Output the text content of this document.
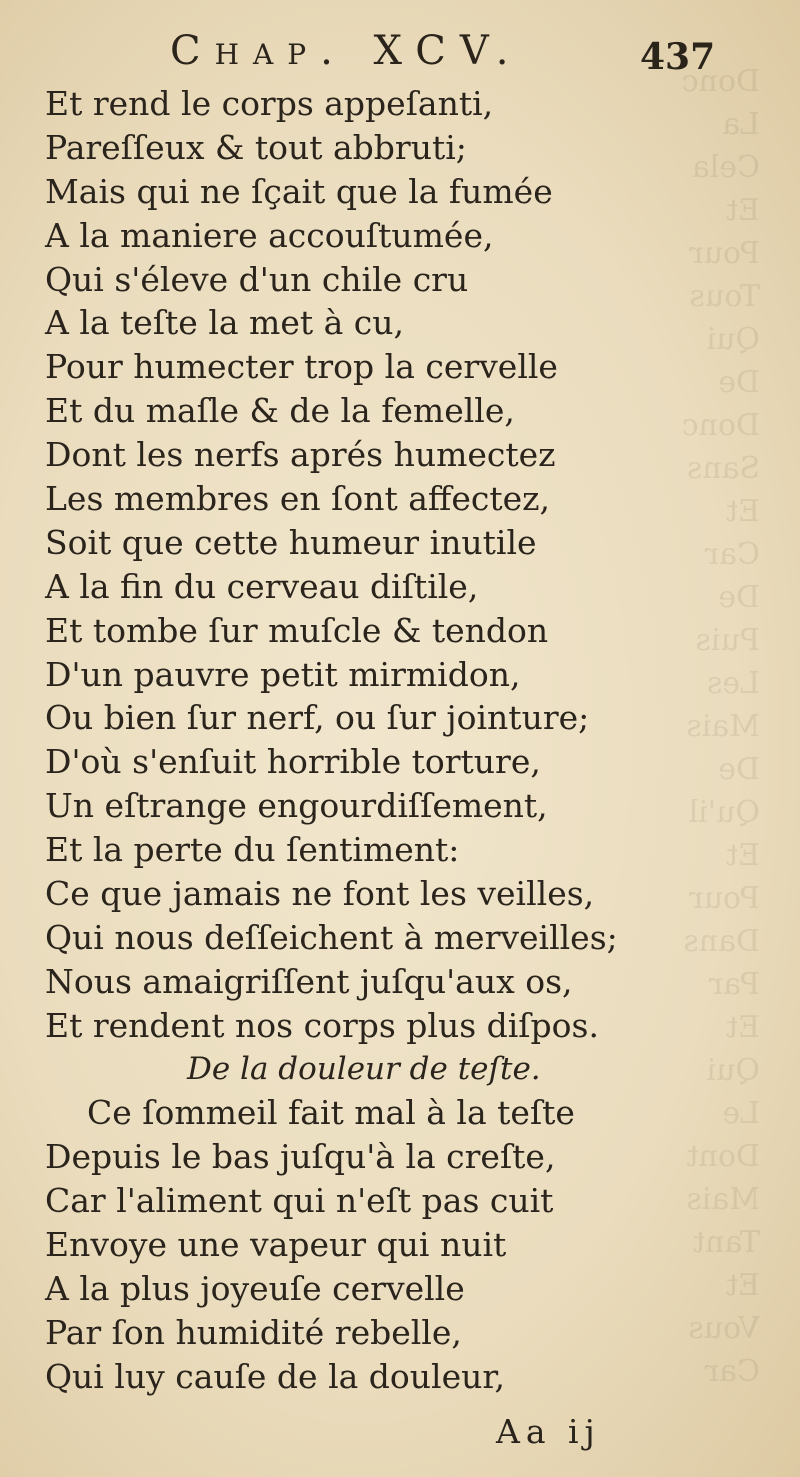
Donc
La
Cela
Et
Pour
Tous
Qui
De
Donc
Sans
Et
Car
De
Puis
Les
Mais
De
Qu'il
Et
Pour
Dans
Par
Et
Qui
Le
Dont
Mais
Tant
Et
Vous
Car
Chap. XCV.	437
Et rend le corps appeſanti,
Pareſſeux & tout abbruti;
Mais qui ne ſçait que la fumée
A la maniere accouſtumée,
Qui s'éleve d'un chile cru
A la teſte la met à cu,
Pour humecter trop la cervelle
Et du maſle & de la femelle,
Dont les nerfs aprés humectez
Les membres en ſont affectez,
Soit que cette humeur inutile
A la fin du cerveau diſtile,
Et tombe ſur muſcle & tendon
D'un pauvre petit mirmidon,
Ou bien ſur nerf, ou ſur jointure;
D'où s'enſuit horrible torture,
Un eſtrange engourdiſſement,
Et la perte du ſentiment:
Ce que jamais ne font les veilles,
Qui nous deſſeichent à merveilles;
Nous amaigriſſent juſqu'aux os,
Et rendent nos corps plus diſpos.
De la douleur de teſte.
Ce ſommeil fait mal à la teſte
Depuis le bas juſqu'à la creſte,
Car l'aliment qui n'eſt pas cuit
Envoye une vapeur qui nuit
A la plus joyeuſe cervelle
Par ſon humidité rebelle,
Qui luy cauſe de la douleur,
Aa ij
